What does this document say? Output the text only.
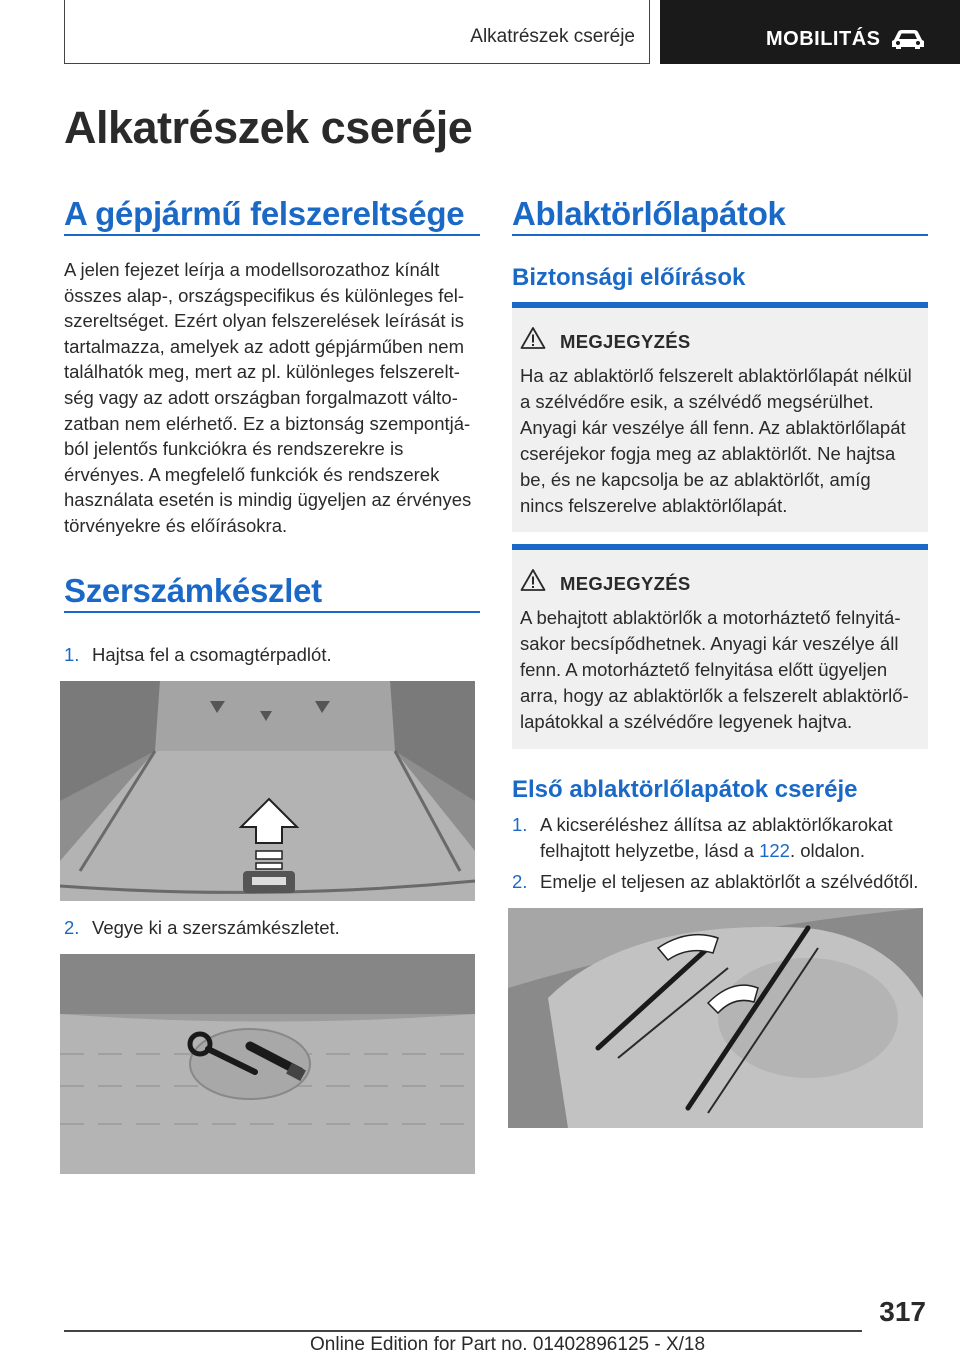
Alkatrészek cseréje	MOBILITÁS
Alkatrészek cseréje
A gépjármű felszereltsége
A jelen fejezet leírja a modellsorozathoz kínált
összes alap-, országspecifikus és különleges fel-
szereltséget. Ezért olyan felszerelések leírását is
tartalmazza, amelyek az adott gépjárműben nem
találhatók meg, mert az pl. különleges felszerelt-
ség vagy az adott országban forgalmazott válto-
zatban nem elérhető. Ez a biztonság szempontjá-
ból jelentős funkciókra és rendszerekre is
érvényes. A megfelelő funkciók és rendszerek
használata esetén is mindig ügyeljen az érvényes
törvényekre és előírásokra.
Szerszámkészlet
1. Hajtsa fel a csomagtérpadlót.
2. Vegye ki a szerszámkészletet.
Ablaktörlőlapátok
Biztonsági előírások
MEGJEGYZÉS
Ha az ablaktörlő felszerelt ablaktörlőlapát nélkül
a szélvédőre esik, a szélvédő megsérülhet.
Anyagi kár veszélye áll fenn. Az ablaktörlőlapát
cseréjekor fogja meg az ablaktörlőt. Ne hajtsa
be, és ne kapcsolja be az ablaktörlőt, amíg
nincs felszerelve ablaktörlőlapát.
MEGJEGYZÉS
A behajtott ablaktörlők a motorháztető felnyitá-
sakor becsípődhetnek. Anyagi kár veszélye áll
fenn. A motorháztető felnyitása előtt ügyeljen
arra, hogy az ablaktörlők a felszerelt ablaktörlő-
lapátokkal a szélvédőre legyenek hajtva.
Első ablaktörlőlapátok cseréje
1. A kicseréléshez állítsa az ablaktörlőkarokat
felhajtott helyzetbe, lásd a 122. oldalon.
2. Emelje el teljesen az ablaktörlőt a szélvédőtől.
317
Online Edition for Part no. 01402896125 - X/18
